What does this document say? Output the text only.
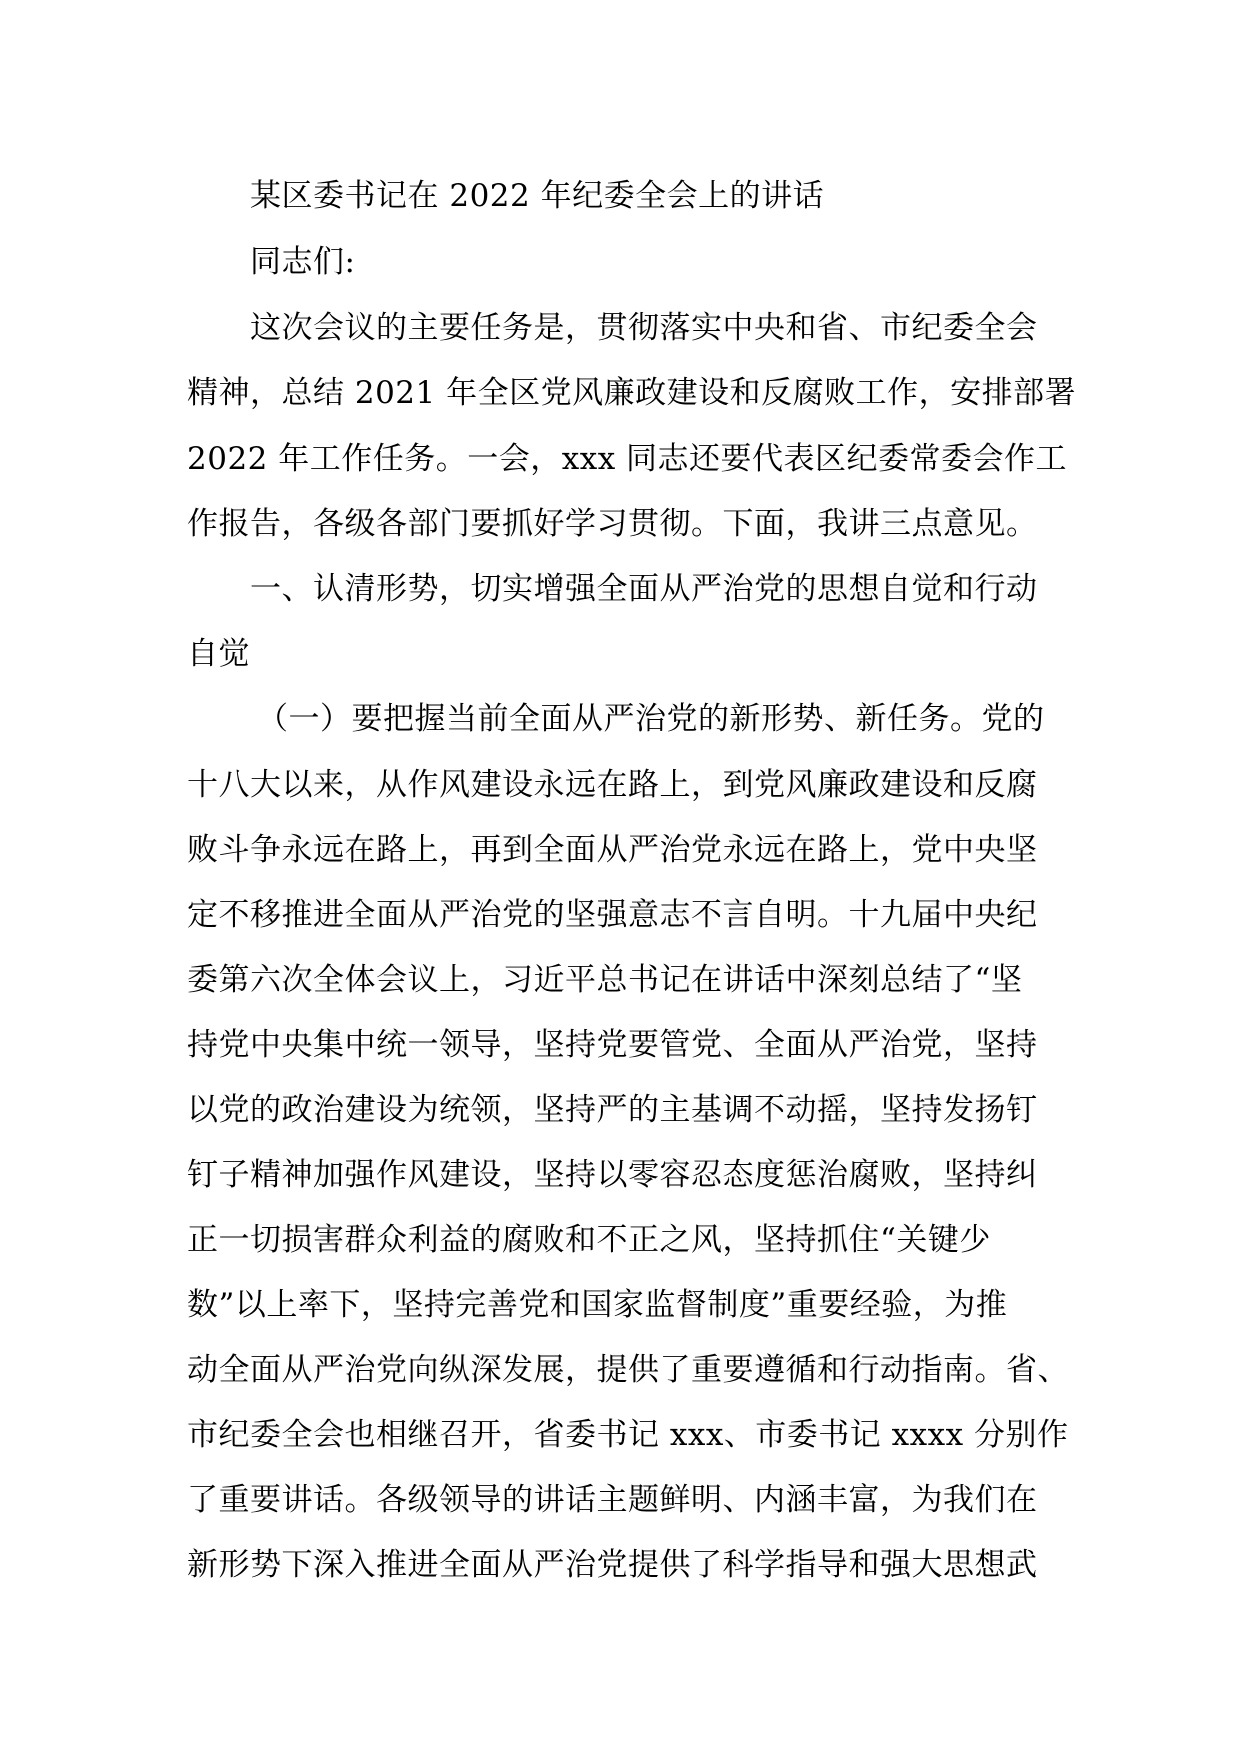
某区委书记在 2022 年纪委全会上的讲话
同志们:
这次会议的主要任务是，贯彻落实中央和省、市纪委全会
精神，总结 2021 年全区党风廉政建设和反腐败工作，安排部署
2022 年工作任务。一会，xxx 同志还要代表区纪委常委会作工
作报告，各级各部门要抓好学习贯彻。下面，我讲三点意见。
一、认清形势，切实增强全面从严治党的思想自觉和行动
自觉
（一）要把握当前全面从严治党的新形势、新任务。党的
十八大以来，从作风建设永远在路上，到党风廉政建设和反腐
败斗争永远在路上，再到全面从严治党永远在路上，党中央坚
定不移推进全面从严治党的坚强意志不言自明。十九届中央纪
委第六次全体会议上，习近平总书记在讲话中深刻总结了“坚
持党中央集中统一领导，坚持党要管党、全面从严治党，坚持
以党的政治建设为统领，坚持严的主基调不动摇，坚持发扬钉
钉子精神加强作风建设，坚持以零容忍态度惩治腐败，坚持纠
正一切损害群众利益的腐败和不正之风，坚持抓住“关键少
数”以上率下，坚持完善党和国家监督制度”重要经验，为推
动全面从严治党向纵深发展，提供了重要遵循和行动指南。省、
市纪委全会也相继召开，省委书记 xxx、市委书记 xxxx 分别作
了重要讲话。各级领导的讲话主题鲜明、内涵丰富，为我们在
新形势下深入推进全面从严治党提供了科学指导和强大思想武
